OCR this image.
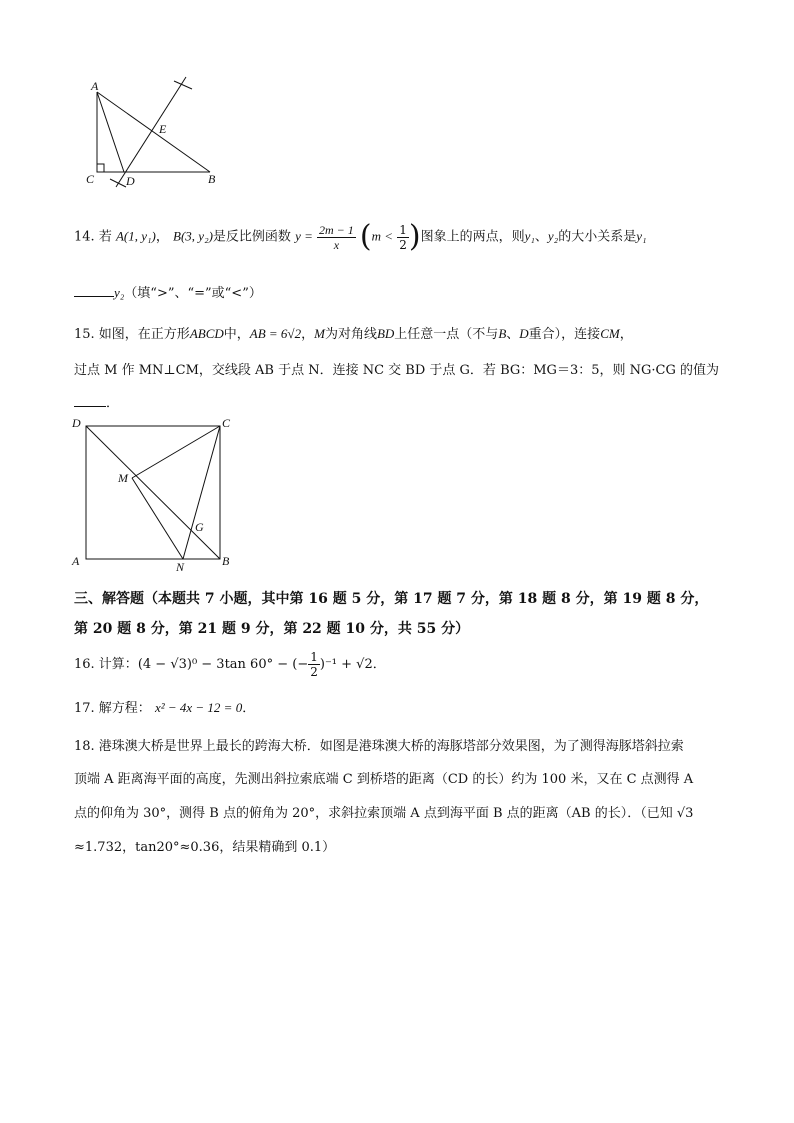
A
E
C	D	B
14. 若 A(1, y₁)， B(3, y₂)是反比例函数 $y = \frac{2m - 1}{x} (m < \frac{1}{2}$ )图象上的两点，则y₁、y₂的大小关系是y₁
y₂（填“>”、“=”或“<”）
15. 如图，在正方形ABCD中，AB = 6√2，M为对角线BD上任意一点（不与B、D重合），连接CM，
过点 M 作 MN⊥CM，交线段 AB 于点 N．连接 NC 交 BD 于点 G．若 BG：MG＝3：5，则 NG·CG 的值为
．
D	C
M
G
A	N	B
三、解答题（本题共 7 小题，其中第 16 题 5 分，第 17 题 7 分，第 18 题 8 分，第 19 题 8 分，
第 20 题 8 分，第 21 题 9 分，第 22 题 10 分，共 55 分）
16. 计算：(4 − √3)⁰ − 3tan 60° − (− $\frac{1}{2} )^{-1} + √2$．
17. 解方程： x² − 4x − 12 = 0．
18. 港珠澳大桥是世界上最长的跨海大桥．如图是港珠澳大桥的海豚塔部分效果图，为了测得海豚塔斜拉索
顶端 A 距离海平面的高度，先测出斜拉索底端 C 到桥塔的距离（CD 的长）约为 100 米，又在 C 点测得 A
点的仰角为 30°，测得 B 点的俯角为 20°，求斜拉索顶端 A 点到海平面 B 点的距离（AB 的长）．（已知 √3
≈1.732，tan20°≈0.36，结果精确到 0.1）
